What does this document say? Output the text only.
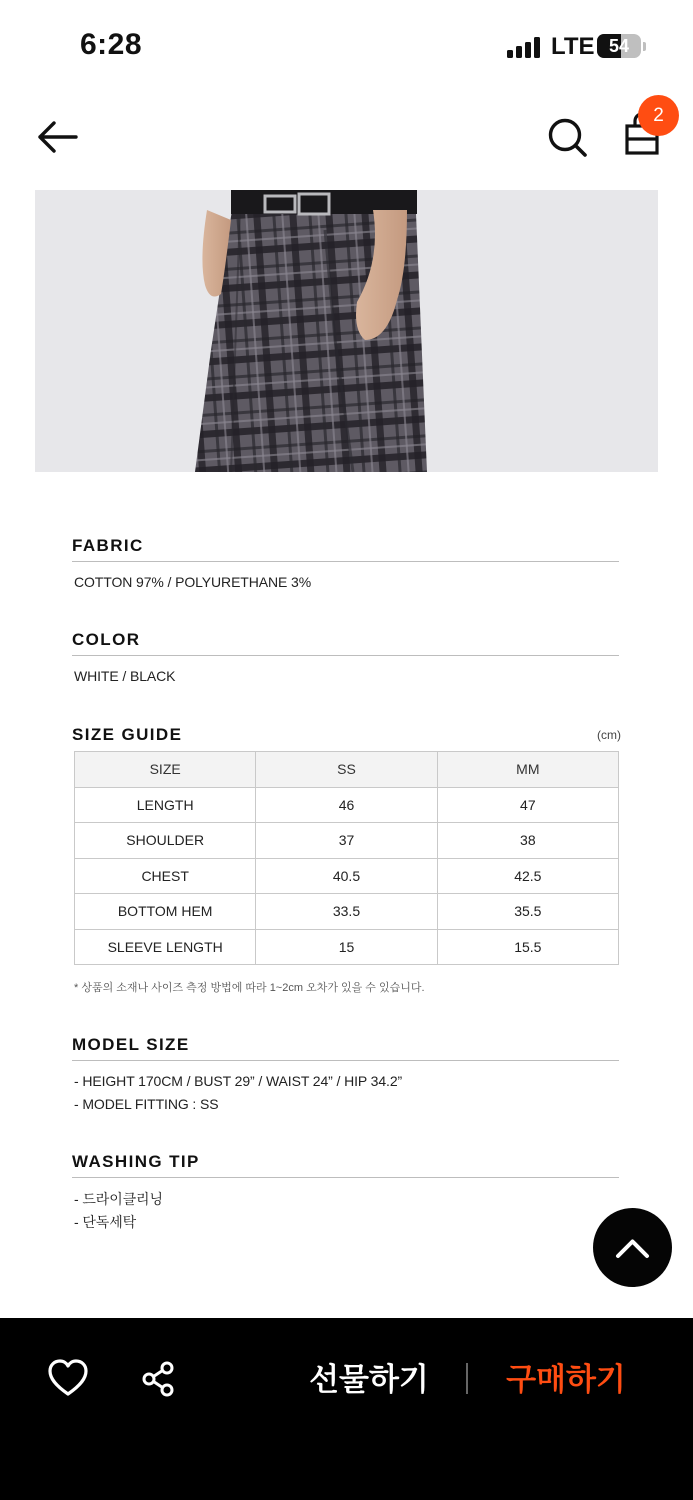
6:28	LTE 54
2
FABRIC
COTTON 97% / POLYURETHANE 3%
COLOR
WHITE / BLACK
SIZE GUIDE	(cm)
SIZE	SS	MM
LENGTH	46	47
SHOULDER	37	38
CHEST	40.5	42.5
BOTTOM HEM	33.5	35.5
SLEEVE LENGTH	15	15.5
* 상품의 소재나 사이즈 측정 방법에 따라 1~2cm 오차가 있을 수 있습니다.
MODEL SIZE
- HEIGHT 170CM / BUST 29” / WAIST 24” / HIP 34.2”
- MODEL FITTING : SS
WASHING TIP
- 드라이클리닝
- 단독세탁
선물하기 구매하기
